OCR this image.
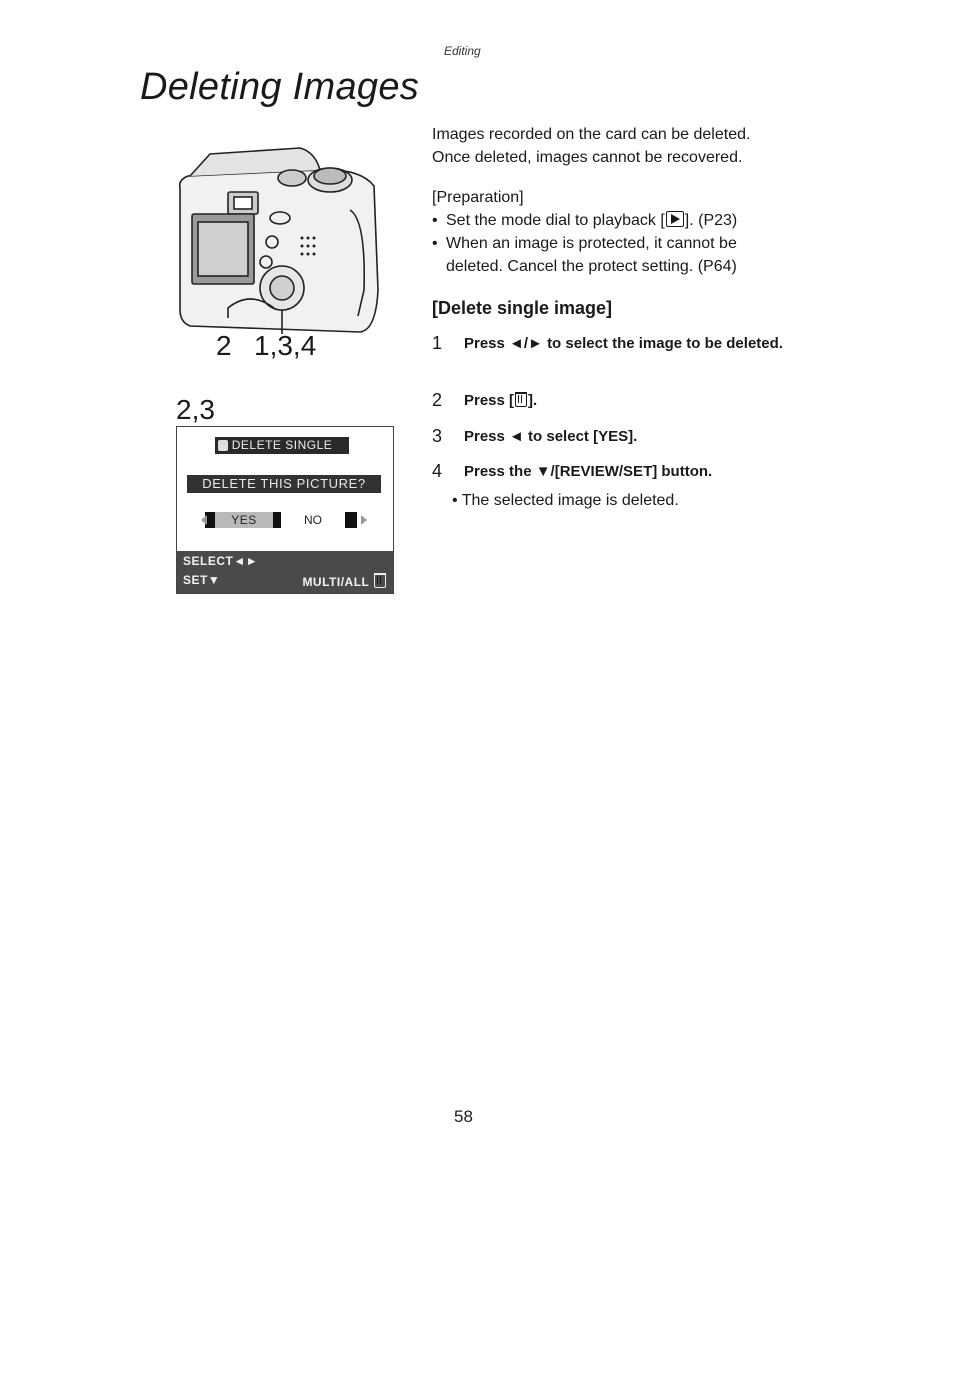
Editing
Deleting Images
2 1,3,4
2,3
DELETE SINGLE
DELETE THIS PICTURE?
YES	NO
SELECT◄►
SET▼	MULTI/ALL

Images recorded on the card can be deleted.

Once deleted, images cannot be recovered.

[Preparation]

• Set the mode dial to playback [ ]. (P23)
• When an image is protected, it cannot be
deleted. Cancel the protect setting. (P64)
[Delete single image]
1 Press ◄/► to select the image to be deleted.
2 Press [ ].
3 Press ◄ to select [YES].
4 Press the ▼/[REVIEW/SET] button.
• The selected image is deleted.
58
